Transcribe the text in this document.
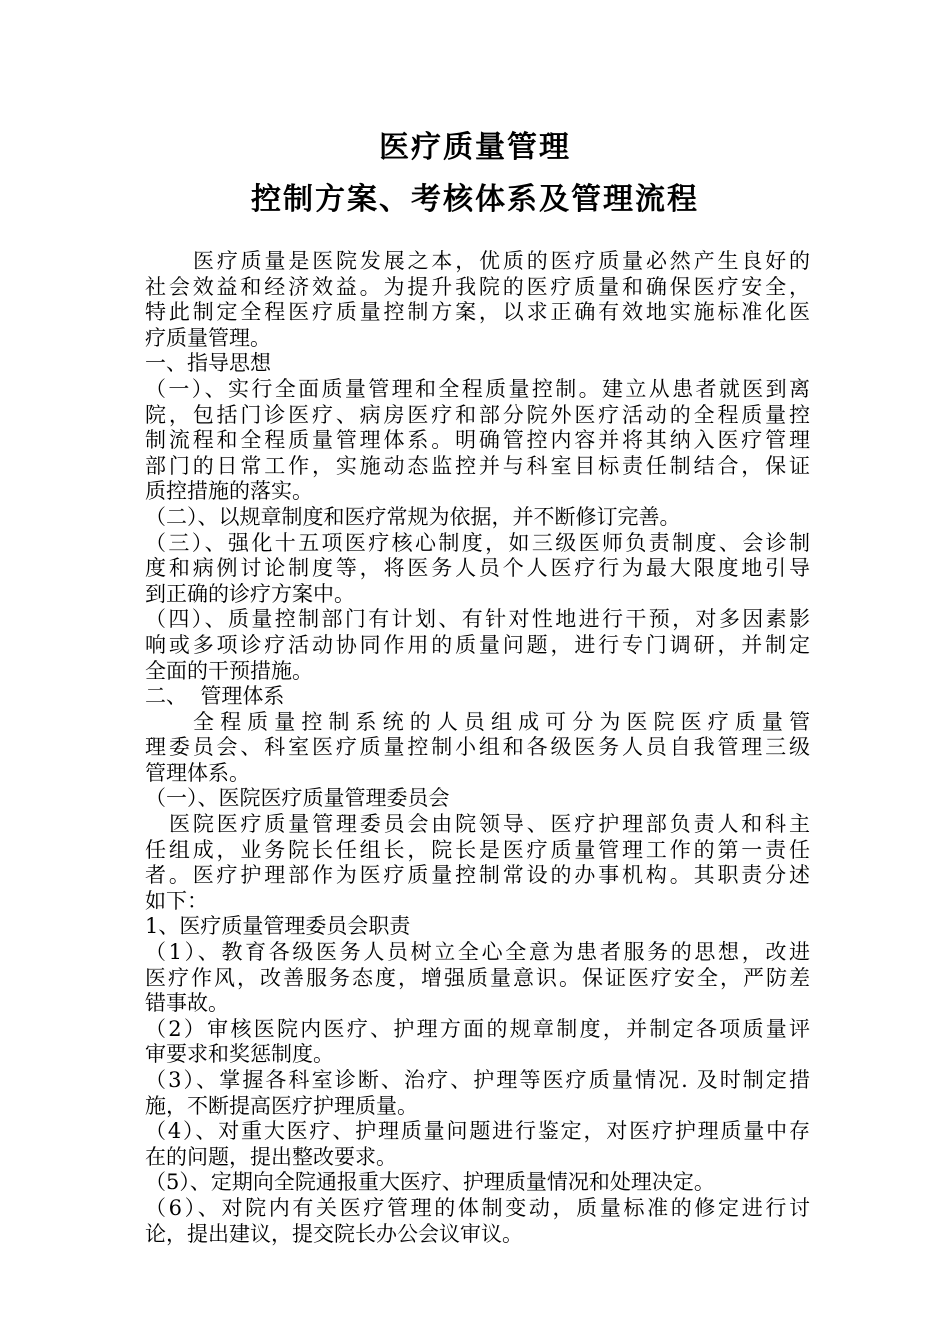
医疗质量管理
控制方案、考核体系及管理流程
医疗质量是医院发展之本，优质的医疗质量必然产生良好的
社会效益和经济效益。为提升我院的医疗质量和确保医疗安全，
特此制定全程医疗质量控制方案，以求正确有效地实施标准化医
疗质量管理。
一、指导思想
（一）、实行全面质量管理和全程质量控制。建立从患者就医到离
院，包括门诊医疗、病房医疗和部分院外医疗活动的全程质量控
制流程和全程质量管理体系。明确管控内容并将其纳入医疗管理
部门的日常工作，实施动态监控并与科室目标责任制结合，保证
质控措施的落实。
（二）、以规章制度和医疗常规为依据，并不断修订完善。
（三）、强化十五项医疗核心制度，如三级医师负责制度、会诊制
度和病例讨论制度等，将医务人员个人医疗行为最大限度地引导
到正确的诊疗方案中。
（四）、质量控制部门有计划、有针对性地进行干预，对多因素影
响或多项诊疗活动协同作用的质量问题，进行专门调研，并制定
全面的干预措施。
二、  管理体系
全程质量控制系统的人员组成可分为医院医疗质量管
理委员会、科室医疗质量控制小组和各级医务人员自我管理三级
管理体系。
（一）、医院医疗质量管理委员会
医院医疗质量管理委员会由院领导、医疗护理部负责人和科主
任组成，业务院长任组长，院长是医疗质量管理工作的第一责任
者。医疗护理部作为医疗质量控制常设的办事机构。其职责分述
如下：
1、医疗质量管理委员会职责
（1）、教育各级医务人员树立全心全意为患者服务的思想，改进
医疗作风，改善服务态度，增强质量意识。保证医疗安全，严防差
错事故。
（2）审核医院内医疗、护理方面的规章制度，并制定各项质量评
审要求和奖惩制度。
（3）、掌握各科室诊断、治疗、护理等医疗质量情况. 及时制定措
施，不断提高医疗护理质量。
（4）、对重大医疗、护理质量问题进行鉴定，对医疗护理质量中存
在的问题，提出整改要求。
（5）、定期向全院通报重大医疗、护理质量情况和处理决定。
（6）、对院内有关医疗管理的体制变动，质量标准的修定进行讨
论，提出建议，提交院长办公会议审议。
